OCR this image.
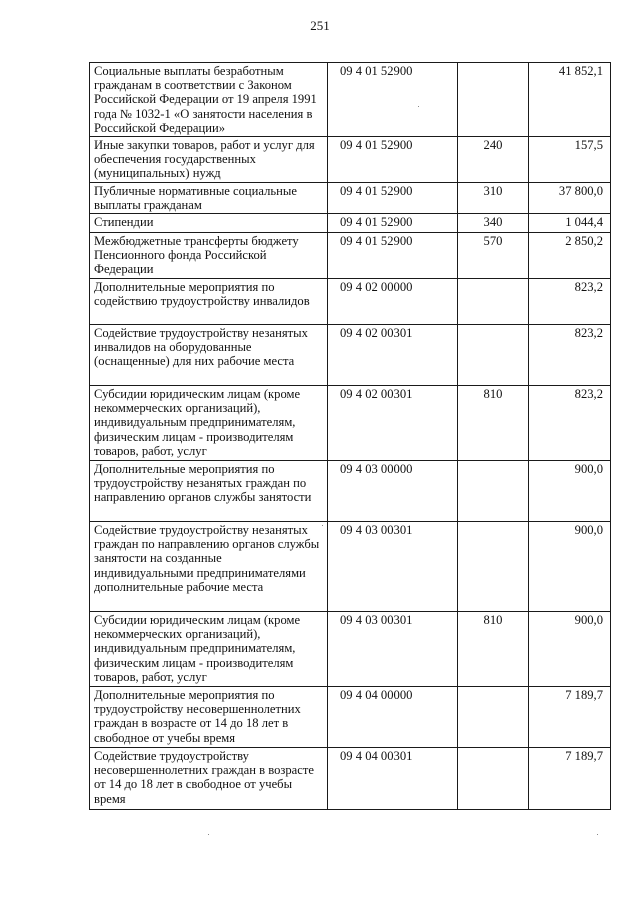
251
Социальные выплаты безработным гражданам в соответствии с Законом Российской Федерации от 19 апреля 1991 года № 1032-1 «О занятости населения в Российской Федерации»	09 4 01 52900		41 852,1
Иные закупки товаров, работ и услуг для обеспечения государственных (муниципальных) нужд	09 4 01 52900	240	157,5
Публичные нормативные социальные выплаты гражданам	09 4 01 52900	310	37 800,0
Стипендии	09 4 01 52900	340	1 044,4
Межбюджетные трансферты бюджету Пенсионного фонда Российской Федерации	09 4 01 52900	570	2 850,2
Дополнительные мероприятия по содействию трудоустройству инвалидов	09 4 02 00000		823,2
Содействие трудоустройству незанятых инвалидов на оборудованные (оснащенные) для них рабочие места	09 4 02 00301		823,2
Субсидии юридическим лицам (кроме некоммерческих организаций), индивидуальным предпринимателям, физическим лицам - производителям товаров, работ, услуг	09 4 02 00301	810	823,2
Дополнительные мероприятия по трудоустройству незанятых граждан по направлению органов службы занятости	09 4 03 00000		900,0
Содействие трудоустройству незанятых граждан по направлению органов службы занятости на созданные индивидуальными предпринимателями дополнительные рабочие места	09 4 03 00301		900,0
Субсидии юридическим лицам (кроме некоммерческих организаций), индивидуальным предпринимателям, физическим лицам - производителям товаров, работ, услуг	09 4 03 00301	810	900,0
Дополнительные мероприятия по трудоустройству несовершеннолетних граждан в возрасте от 14 до 18 лет в свободное от учебы время	09 4 04 00000		7 189,7
Содействие трудоустройству несовершеннолетних граждан в возрасте от 14 до 18 лет в свободное от учебы время	09 4 04 00301		7 189,7
